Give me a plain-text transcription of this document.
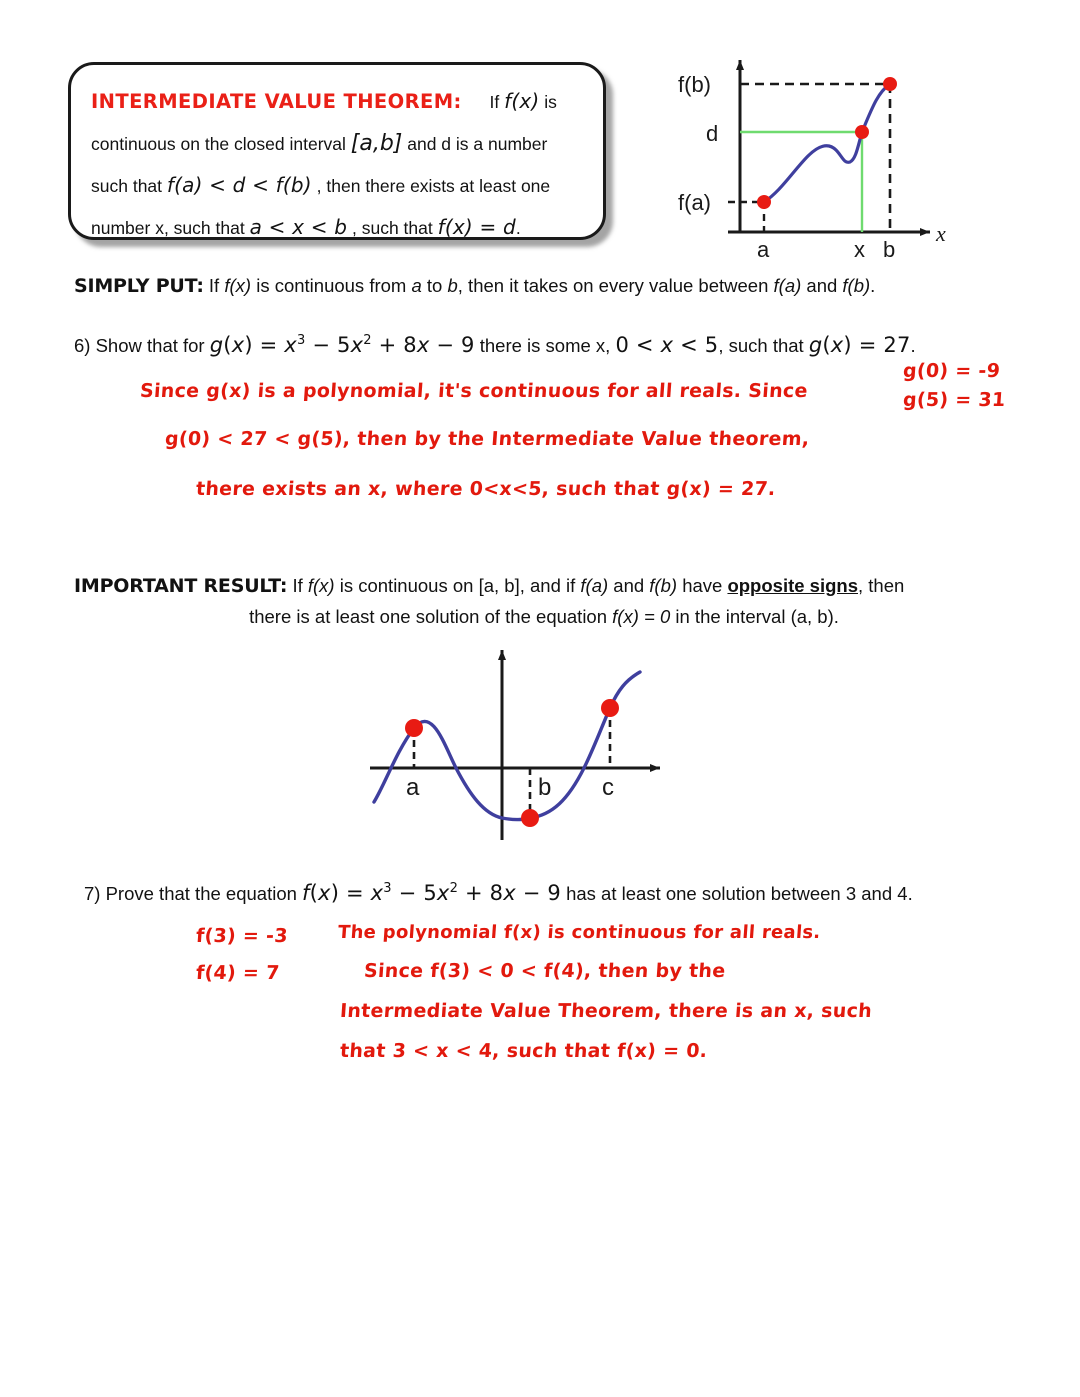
INTERMEDIATE VALUE THEOREM: If f(x) is
continuous on the closed interval [a,b] and d is a number
such that f(a) < d < f(b) , then there exists at least one
number x, such that a < x < b , such that f(x) = d.
f(b)
d
f(a)
a	x b
x
SIMPLY PUT: If f(x) is continuous from a to b, then it takes on every value between f(a) and f(b).
6) Show that for $g(x) = x^3 - 5x^2 + 8x - 9$ there is some x, 0 < x < 5, such that g(x) = 27.
Since g(x) is a polynomial, it's continuous for all reals. Since
g(0) < 27 < g(5), then by the Intermediate Value theorem,
there exists an x, where 0<x<5, such that g(x) = 27.
g(0) = -9
g(5) = 31
IMPORTANT RESULT: If f(x) is continuous on [a, b], and if f(a) and f(b) have opposite signs, then
there is at least one solution of the equation f(x) = 0 in the interval (a, b).
a	b c
7) Prove that the equation $f(x) = x^3 - 5x^2 + 8x - 9$ has at least one solution between 3 and 4.
f(3) = -3
f(4) = 7
The polynomial f(x) is continuous for all reals.
Since f(3) < 0 < f(4), then by the
Intermediate Value Theorem, there is an x, such
that 3 < x < 4, such that f(x) = 0.
